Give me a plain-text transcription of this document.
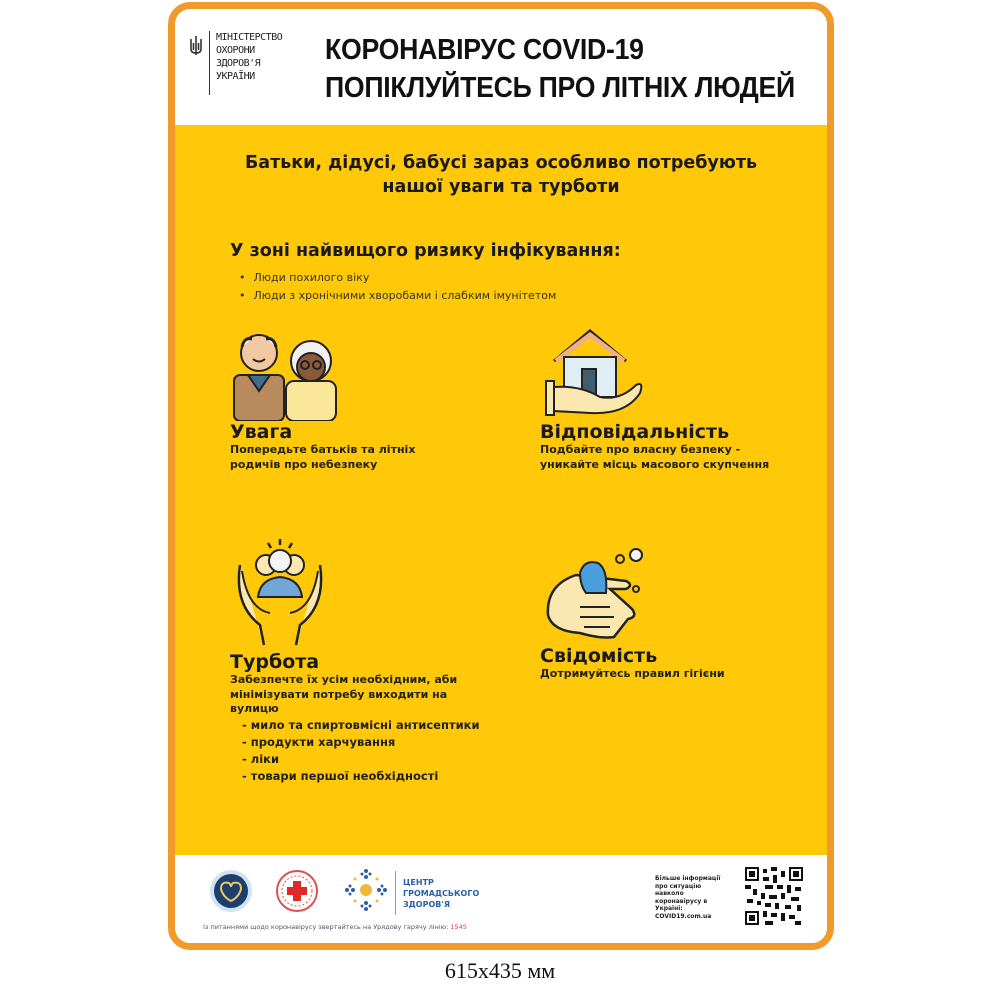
МІНІСТЕРСТВО
ОХОРОНИ
ЗДОРОВ'Я
УКРАЇНИ
КОРОНАВІРУС COVID-19
ПОПІКЛУЙТЕСЬ ПРО ЛІТНІХ ЛЮДЕЙ
Батьки, дідусі, бабусі зараз особливо потребують
нашої уваги та турботи
У зоні найвищого ризику інфікування:
• Люди похилого віку
• Люди з хронічними хворобами і слабким імунітетом
Увага
Попередьте батьків та літніх родичів про небезпеку
Відповідальність
Подбайте про власну безпеку - уникайте місць масового скупчення
Турбота
Забезпечте їх усім необхідним, аби мінімізувати потребу виходити на вулицю
- мило та спиртовмісні антисептики
- продукти харчування
- ліки
- товари першої необхідності
Свідомість
Дотримуйтесь правил гігієни
ЦЕНТР
ГРОМАДСЬКОГО
ЗДОРОВ'Я
Із питаннями щодо коронавірусу звертайтесь на Урядову гарячу лінію: 1545
Більше інформації про ситуацію навколо коронавірусу в Україні: COVID19.com.ua
615x435 мм
